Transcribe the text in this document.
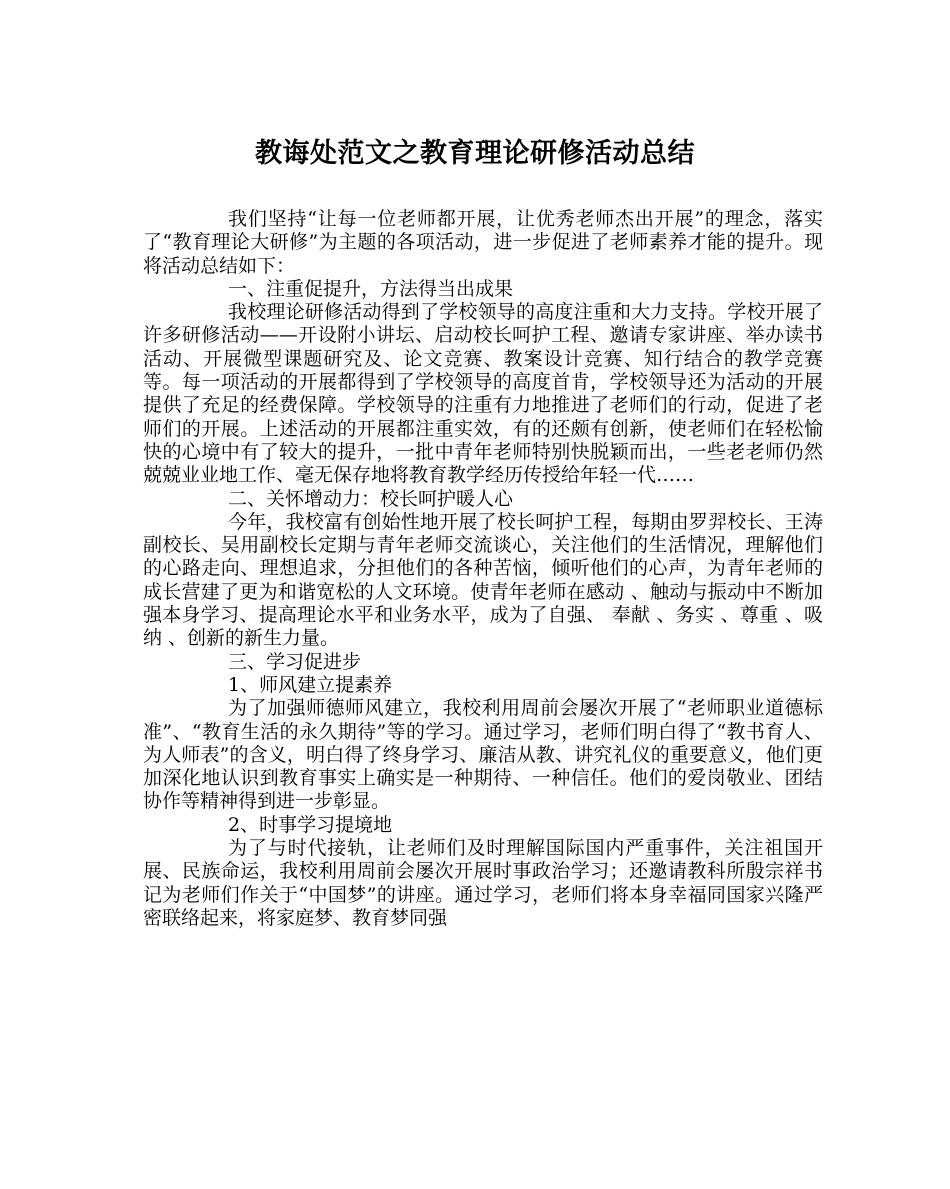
教诲处范文之教育理论研修活动总结

我们坚持“让每一位老师都开展，让优秀老师杰出开展”的理念，落实了“教育理论大研修”为主题的各项活动，进一步促进了老师素养才能的提升。现将活动总结如下：

一、注重促提升，方法得当出成果

我校理论研修活动得到了学校领导的高度注重和大力支持。学校开展了许多研修活动——开设附小讲坛、启动校长呵护工程、邀请专家讲座、举办读书活动、开展微型课题研究及、论文竞赛、教案设计竞赛、知行结合的教学竞赛等。每一项活动的开展都得到了学校领导的高度首肯，学校领导还为活动的开展提供了充足的经费保障。学校领导的注重有力地推进了老师们的行动，促进了老师们的开展。上述活动的开展都注重实效，有的还颇有创新，使老师们在轻松愉快的心境中有了较大的提升，一批中青年老师特别快脱颖而出，一些老老师仍然兢兢业业地工作、毫无保存地将教育教学经历传授给年轻一代……

二、关怀增动力：校长呵护暖人心

今年，我校富有创始性地开展了校长呵护工程，每期由罗羿校长、王涛副校长、吴用副校长定期与青年老师交流谈心，关注他们的生活情况，理解他们的心路走向、理想追求，分担他们的各种苦恼，倾听他们的心声，为青年老师的成长营建了更为和谐宽松的人文环境。使青年老师在感动 、触动与振动中不断加强本身学习、提高理论水平和业务水平，成为了自强、 奉献 、务实 、尊重 、吸纳 、创新的新生力量。

三、学习促进步

1、师风建立提素养

为了加强师德师风建立，我校利用周前会屡次开展了“老师职业道德标准”、“教育生活的永久期待”等的学习。通过学习，老师们明白得了“教书育人、为人师表”的含义，明白得了终身学习、廉洁从教、讲究礼仪的重要意义，他们更加深化地认识到教育事实上确实是一种期待、一种信任。他们的爱岗敬业、团结协作等精神得到进一步彰显。

2、时事学习提境地

为了与时代接轨，让老师们及时理解国际国内严重事件，关注祖国开展、民族命运，我校利用周前会屡次开展时事政治学习；还邀请教科所殷宗祥书记为老师们作关于“中国梦”的讲座。通过学习，老师们将本身幸福同国家兴隆严密联络起来，将家庭梦、教育梦同强
